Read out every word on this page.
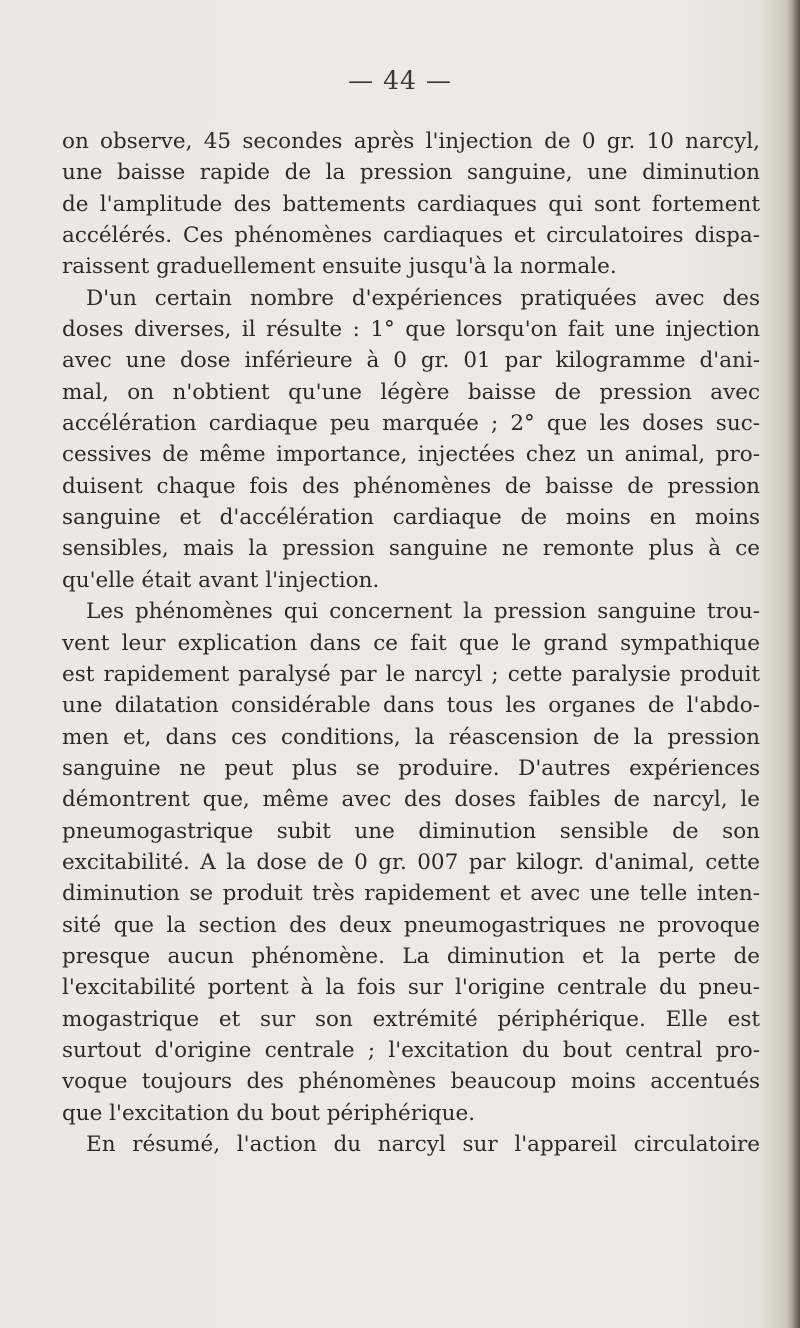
— 44 —
on observe, 45 secondes après l'injection de 0 gr. 10 narcyl,
une baisse rapide de la pression sanguine, une diminution
de l'amplitude des battements cardiaques qui sont fortement
accélérés. Ces phénomènes cardiaques et circulatoires dispa-
raissent graduellement ensuite jusqu'à la normale.
D'un certain nombre d'expériences pratiquées avec des
doses diverses, il résulte : 1° que lorsqu'on fait une injection
avec une dose inférieure à 0 gr. 01 par kilogramme d'ani-
mal, on n'obtient qu'une légère baisse de pression avec
accélération cardiaque peu marquée ; 2° que les doses suc-
cessives de même importance, injectées chez un animal, pro-
duisent chaque fois des phénomènes de baisse de pression
sanguine et d'accélération cardiaque de moins en moins
sensibles, mais la pression sanguine ne remonte plus à ce
qu'elle était avant l'injection.
Les phénomènes qui concernent la pression sanguine trou-
vent leur explication dans ce fait que le grand sympathique
est rapidement paralysé par le narcyl ; cette paralysie produit
une dilatation considérable dans tous les organes de l'abdo-
men et, dans ces conditions, la réascension de la pression
sanguine ne peut plus se produire. D'autres expériences
démontrent que, même avec des doses faibles de narcyl, le
pneumogastrique subit une diminution sensible de son
excitabilité. A la dose de 0 gr. 007 par kilogr. d'animal, cette
diminution se produit très rapidement et avec une telle inten-
sité que la section des deux pneumogastriques ne provoque
presque aucun phénomène. La diminution et la perte de
l'excitabilité portent à la fois sur l'origine centrale du pneu-
mogastrique et sur son extrémité périphérique. Elle est
surtout d'origine centrale ; l'excitation du bout central pro-
voque toujours des phénomènes beaucoup moins accentués
que l'excitation du bout périphérique.
En résumé, l'action du narcyl sur l'appareil circulatoire
